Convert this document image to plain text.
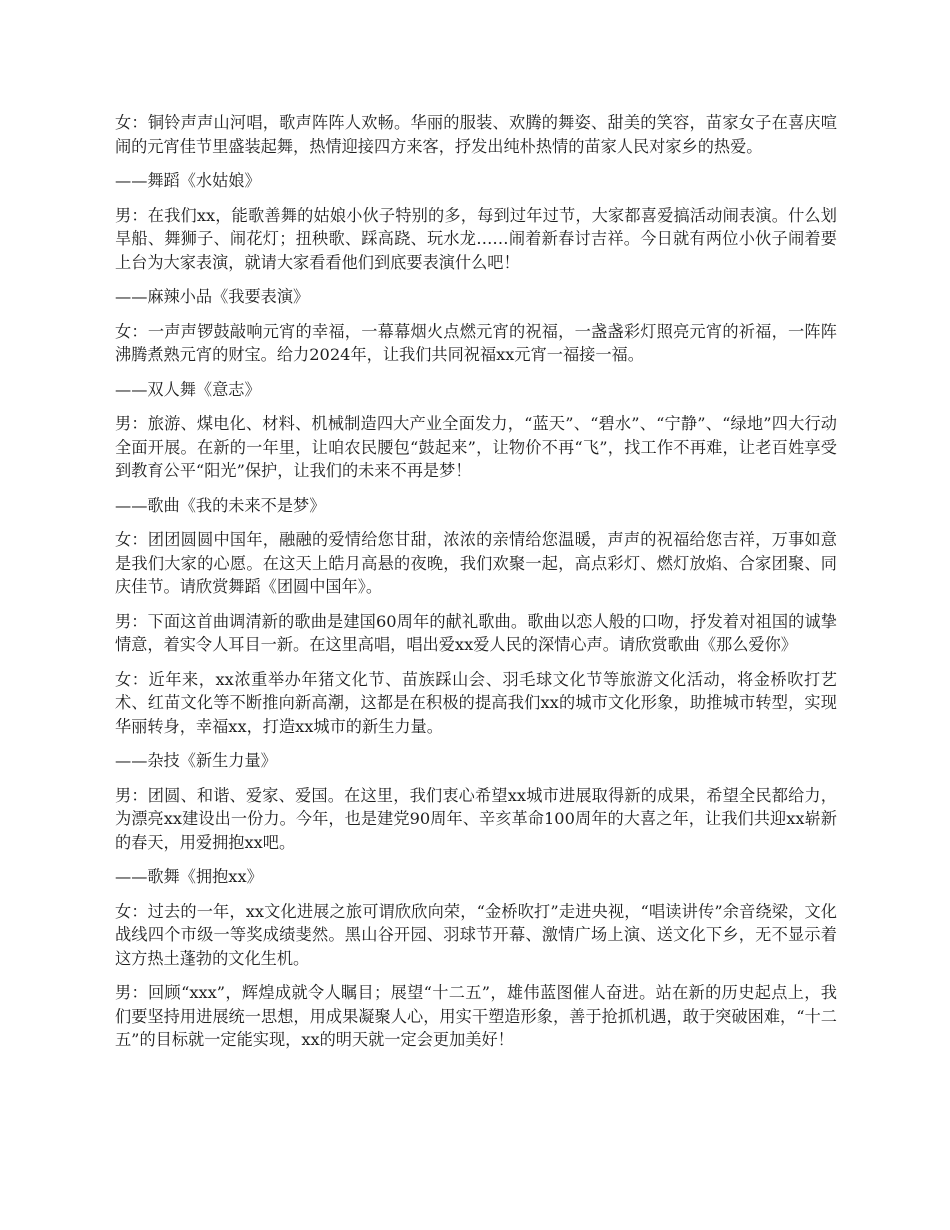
女：铜铃声声山河唱，歌声阵阵人欢畅。华丽的服装、欢腾的舞姿、甜美的笑容，苗家女子在喜庆喧闹的元宵佳节里盛装起舞，热情迎接四方来客，抒发出纯朴热情的苗家人民对家乡的热爱。

——舞蹈《水姑娘》

男：在我们xx，能歌善舞的姑娘小伙子特别的多，每到过年过节，大家都喜爱搞活动闹表演。什么划旱船、舞狮子、闹花灯；扭秧歌、踩高跷、玩水龙……闹着新春讨吉祥。今日就有两位小伙子闹着要上台为大家表演，就请大家看看他们到底要表演什么吧！

——麻辣小品《我要表演》

女：一声声锣鼓敲响元宵的幸福，一幕幕烟火点燃元宵的祝福，一盏盏彩灯照亮元宵的祈福，一阵阵沸腾煮熟元宵的财宝。给力2024年，让我们共同祝福xx元宵一福接一福。

——双人舞《意志》

男：旅游、煤电化、材料、机械制造四大产业全面发力，“蓝天”、“碧水”、“宁静”、“绿地”四大行动全面开展。在新的一年里，让咱农民腰包“鼓起来”，让物价不再“飞”，找工作不再难，让老百姓享受到教育公平“阳光”保护，让我们的未来不再是梦！

——歌曲《我的未来不是梦》

女：团团圆圆中国年，融融的爱情给您甘甜，浓浓的亲情给您温暖，声声的祝福给您吉祥，万事如意是我们大家的心愿。在这天上皓月高悬的夜晚，我们欢聚一起，高点彩灯、燃灯放焰、合家团聚、同庆佳节。请欣赏舞蹈《团圆中国年》。

男：下面这首曲调清新的歌曲是建国60周年的献礼歌曲。歌曲以恋人般的口吻，抒发着对祖国的诚挚情意，着实令人耳目一新。在这里高唱，唱出爱xx爱人民的深情心声。请欣赏歌曲《那么爱你》

女：近年来，xx浓重举办年猪文化节、苗族踩山会、羽毛球文化节等旅游文化活动，将金桥吹打艺术、红苗文化等不断推向新高潮，这都是在积极的提高我们xx的城市文化形象，助推城市转型，实现华丽转身，幸福xx，打造xx城市的新生力量。

——杂技《新生力量》

男：团圆、和谐、爱家、爱国。在这里，我们衷心希望xx城市进展取得新的成果，希望全民都给力，为漂亮xx建设出一份力。今年，也是建党90周年、辛亥革命100周年的大喜之年，让我们共迎xx崭新的春天，用爱拥抱xx吧。

——歌舞《拥抱xx》

女：过去的一年，xx文化进展之旅可谓欣欣向荣，“金桥吹打”走进央视，“唱读讲传”余音绕梁，文化战线四个市级一等奖成绩斐然。黑山谷开园、羽球节开幕、激情广场上演、送文化下乡，无不显示着这方热土蓬勃的文化生机。

男：回顾“xxx”，辉煌成就令人瞩目；展望“十二五”，雄伟蓝图催人奋进。站在新的历史起点上，我们要坚持用进展统一思想，用成果凝聚人心，用实干塑造形象，善于抢抓机遇，敢于突破困难，“十二五”的目标就一定能实现，xx的明天就一定会更加美好！
